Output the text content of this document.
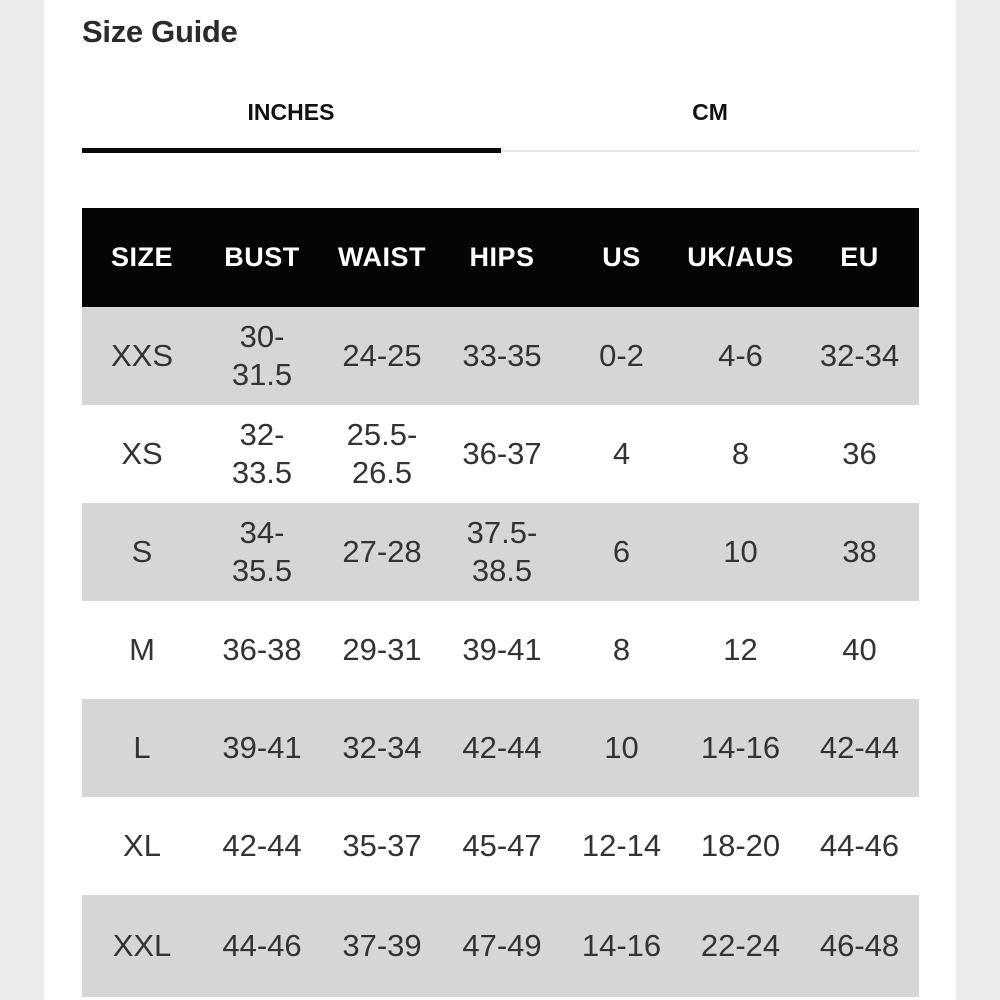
Size Guide
INCHES	CM
SIZE	BUST	WAIST	HIPS	US	UK/AUS	EU
XXS	30-31.5	24-25	33-35	0-2	4-6	32-34
XS	32-33.5	25.5-26.5	36-37	4	8	36
S	34-35.5	27-28	37.5-38.5	6	10	38
M	36-38	29-31	39-41	8	12	40
L	39-41	32-34	42-44	10	14-16	42-44
XL	42-44	35-37	45-47	12-14	18-20	44-46
XXL	44-46	37-39	47-49	14-16	22-24	46-48
